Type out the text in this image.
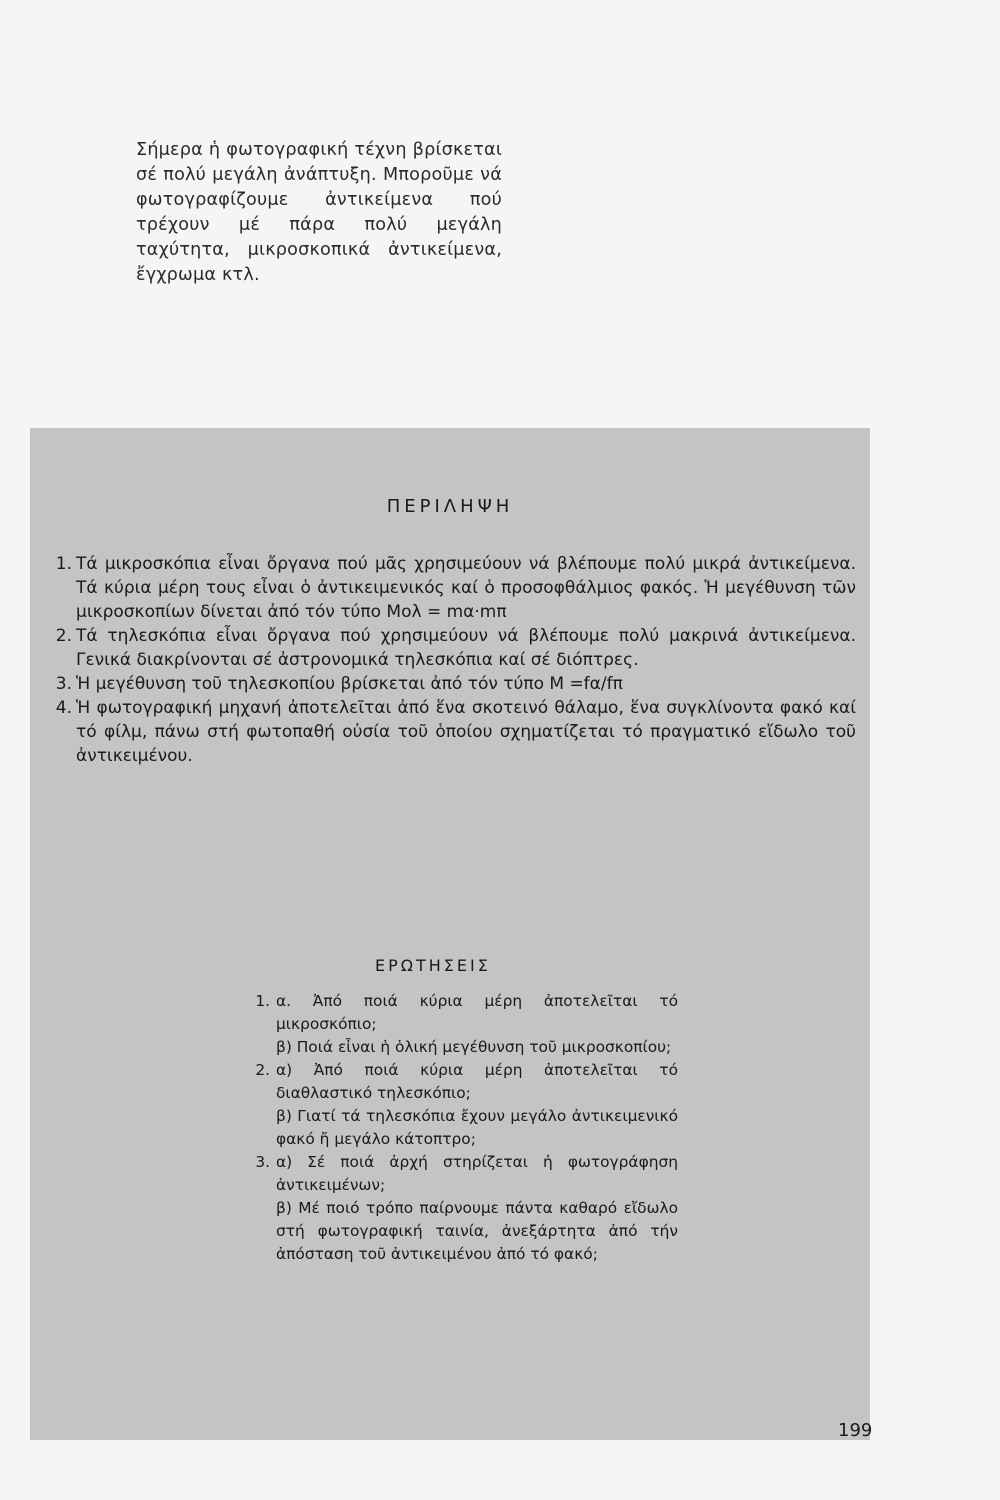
Σήμερα ἡ φωτογραφική τέχνη βρίσκεται σέ πολύ μεγάλη ἀνάπτυξη. Μποροῦμε νά φωτογραφίζουμε ἀντικείμενα πού τρέχουν μέ πάρα πολύ μεγάλη ταχύτητα, μικροσκοπικά ἀντικείμενα, ἔγχρωμα κτλ.

ΠΕΡΙΛΗΨΗ
1. Τά μικροσκόπια εἶναι ὄργανα πού μᾶς χρησιμεύουν νά βλέπουμε πολύ μικρά ἀντικείμενα. Τά κύρια μέρη τους εἶναι ὁ ἀντικειμενικός καί ὁ προσοφθάλμιος φακός. Ἡ μεγέθυνση τῶν μικροσκοπίων δίνεται ἀπό τόν τύπο Mολ = mα·mπ
2. Τά τηλεσκόπια εἶναι ὄργανα πού χρησιμεύουν νά βλέπουμε πολύ μακρινά ἀντικείμενα. Γενικά διακρίνονται σέ ἀστρονομικά τηλεσκόπια καί σέ διόπτρες.
3. Ἡ μεγέθυνση τοῦ τηλεσκοπίου βρίσκεται ἀπό τόν τύπο M =fα/fπ
4. Ἡ φωτογραφική μηχανή ἀποτελεῖται ἀπό ἕνα σκοτεινό θάλαμο, ἕνα συγκλίνοντα φακό καί τό φίλμ, πάνω στή φωτοπαθή οὐσία τοῦ ὁποίου σχηματίζεται τό πραγματικό εἴδωλο τοῦ ἀντικειμένου.
ΕΡΩΤΗΣΕΙΣ
1. α. Ἀπό ποιά κύρια μέρη ἀποτελεῖται τό μικροσκόπιο;
β) Ποιά εἶναι ἡ ὁλική μεγέθυνση τοῦ μικροσκοπίου;
2. α) Ἀπό ποιά κύρια μέρη ἀποτελεῖται τό διαθλαστικό τηλεσκόπιο;
β) Γιατί τά τηλεσκόπια ἔχουν μεγάλο ἀντικειμενικό φακό ἤ μεγάλο κάτοπτρο;
3. α) Σέ ποιά ἀρχή στηρίζεται ἡ φωτογράφηση ἀντικειμένων;
β) Μέ ποιό τρόπο παίρνουμε πάντα καθαρό εἴδωλο στή φωτογραφική ταινία, ἀνεξάρτητα ἀπό τήν ἀπόσταση τοῦ ἀντικειμένου ἀπό τό φακό;
199
